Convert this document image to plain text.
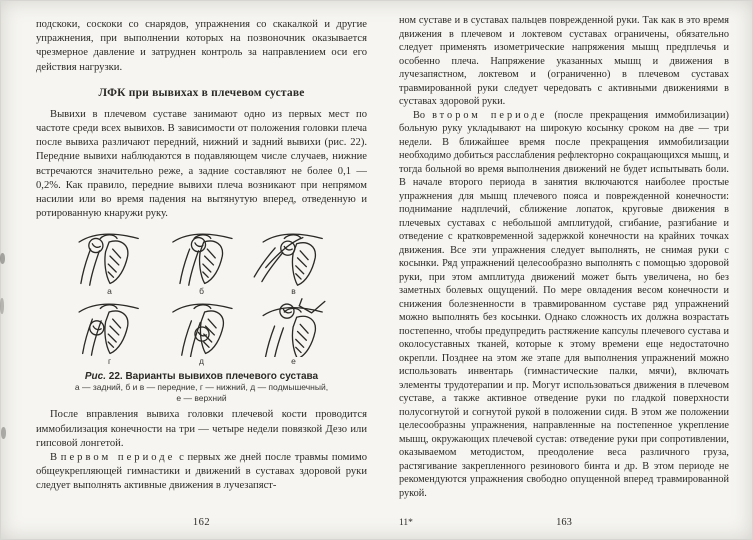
подскоки, соскоки со снарядов, упражнения со скакалкой и другие упражнения, при выполнении которых на позвоночник оказывается чрезмерное давление и затруднен контроль за направлением оси его действия нагрузки.

ЛФК при вывихах в плечевом суставе

Вывихи в плечевом суставе занимают одно из первых мест по частоте среди всех вывихов. В зависимости от положения головки плеча после вывиха различают передний, нижний и задний вывихи (рис. 22). Передние вывихи наблюдаются в подавляющем числе случаев, нижние встречаются значительно реже, а задние составляют не более 0,1 — 0,2%. Как правило, передние вывихи плеча возникают при непрямом насилии или во время падения на вытянутую вперед, отведенную и ротированную кнаружи руку.

а	б	в
г	д	е
Рис. 22. Варианты вывихов плечевого сустава
а — задний, б и в — передние, г — нижний, д — подмышечный,
е — верхний

После вправления вывиха головки плечевой кости проводится иммобилизация конечности на три — четыре недели повязкой Дезо или гипсовой лонгетой.

В первом периоде с первых же дней после травмы помимо общеукрепляющей гимнастики и движений в суставах здоровой руки следует выполнять активные движения в лучезапяст-

162

ном суставе и в суставах пальцев поврежденной руки. Так как в это время движения в плечевом и локтевом суставах ограничены, обязательно следует применять изометрические напряжения мышц предплечья и особенно плеча. Напряжение указанных мышц и движения в лучезапястном, локтевом и (ограниченно) в плечевом суставах травмированной руки следует чередовать с активными движениями в суставах здоровой руки.

Во втором периоде (после прекращения иммобилизации) больную руку укладывают на широкую косынку сроком на две — три недели. В ближайшее время после прекращения иммобилизации необходимо добиться расслабления рефлекторно сокращающихся мышц, и тогда больной во время выполнения движений не будет испытывать боли. В начале второго периода в занятия включаются наиболее простые упражнения для мышц плечевого пояса и поврежденной конечности: поднимание надплечий, сближение лопаток, круговые движения в плечевых суставах с небольшой амплитудой, сгибание, разгибание и отведение с кратковременной задержкой конечности на крайних точках движения. Все эти упражнения следует выполнять, не снимая руки с косынки. Ряд упражнений целесообразно выполнять с помощью здоровой руки, при этом амплитуда движений может быть увеличена, но без заметных болевых ощущений. По мере овладения весом конечности и снижения болезненности в травмированном суставе ряд упражнений можно выполнять без косынки. Однако сложность их должна возрастать постепенно, чтобы предупредить растяжение капсулы плечевого сустава и околосуставных тканей, которые к этому времени еще недостаточно окрепли. Позднее на этом же этапе для выполнения упражнений можно использовать инвентарь (гимнастические палки, мячи), включать элементы трудотерапии и пр. Могут использоваться движения в плечевом суставе, а также активное отведение руки по гладкой поверхности полусогнутой и согнутой рукой в положении сидя. В этом же положении целесообразны упражнения, направленные на постепенное укрепление мышц, окружающих плечевой сустав: отведение руки при сопротивлении, оказываемом методистом, преодоление веса различного груза, растягивание закрепленного резинового бинта и др. В этом периоде не рекомендуются упражнения свободно опущенной вперед травмированной рукой.

11*	163
